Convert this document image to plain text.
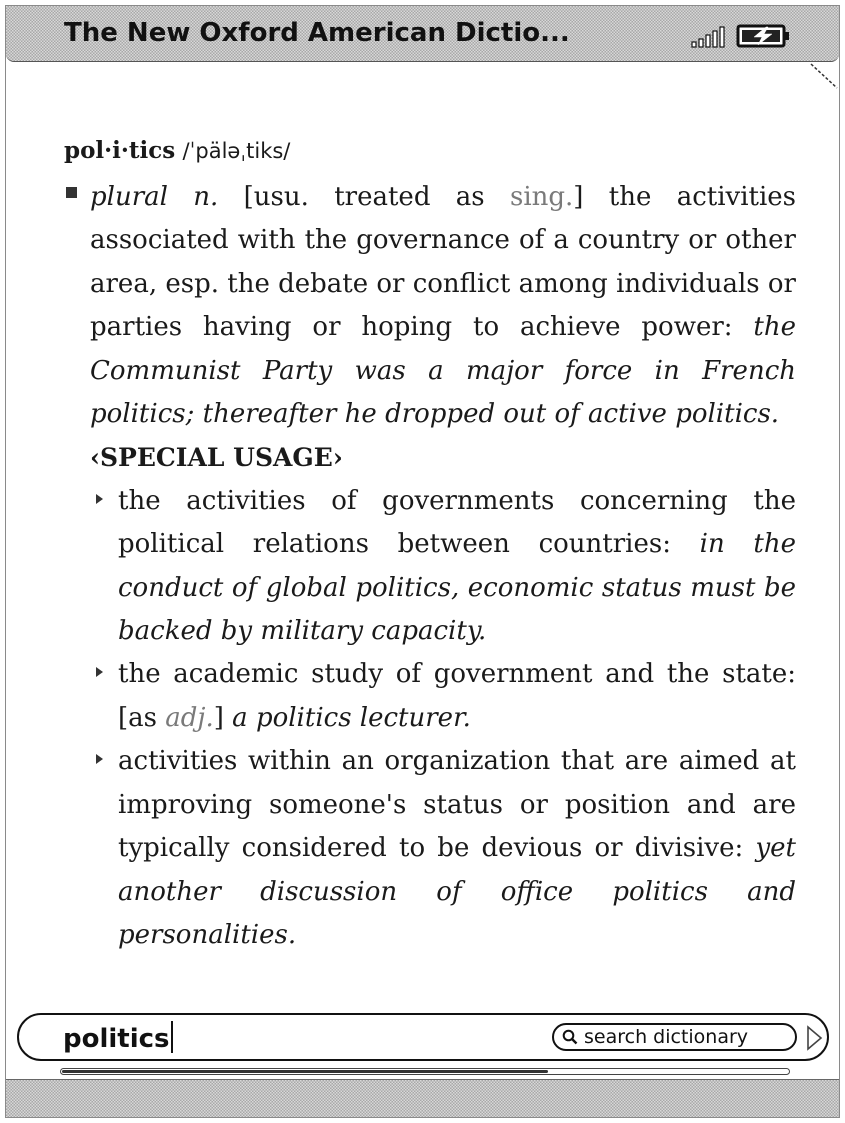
The New Oxford American Dictio...

pol·i·tics /ˈpäləˌtiks/

plural n. [usu. treated as sing.] the activities associated with the governance of a country or other area, esp. the debate or conflict among individuals or parties having or hoping to achieve power: the Communist Party was a major force in French politics; thereafter he dropped out of active politics.

‹SPECIAL USAGE›

the activities of governments concerning the political relations between countries: in the conduct of global politics, economic status must be backed by military capacity.

the academic study of government and the state: [as adj.] a politics lecturer.

activities within an organization that are aimed at improving someone's status or position and are typically considered to be devious or divisive: yet another discussion of office politics and personalities.

politics	search dictionary
